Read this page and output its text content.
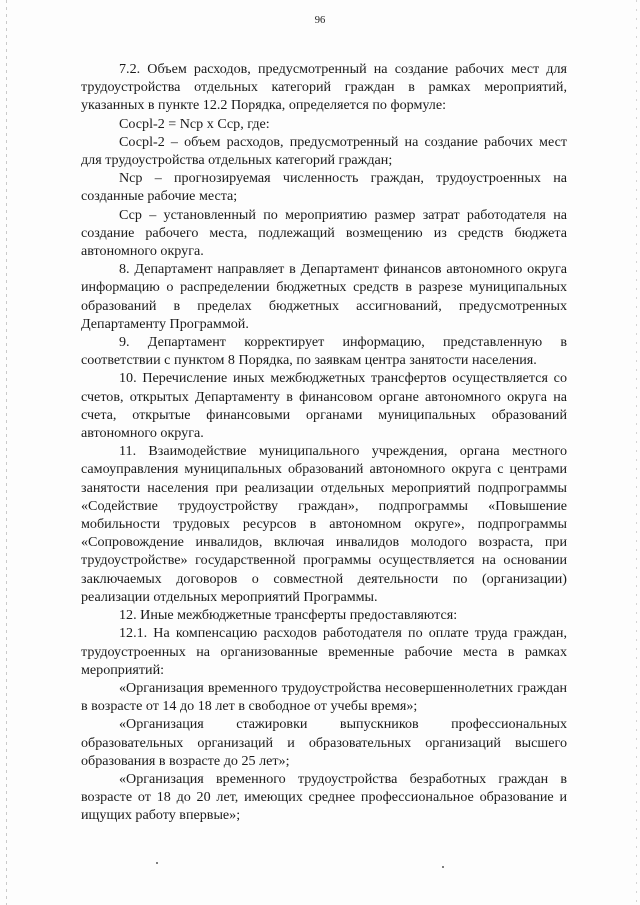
96

7.2. Объем расходов, предусмотренный на создание рабочих мест для трудоустройства отдельных категорий граждан в рамках мероприятий, указанных в пункте 12.2 Порядка, определяется по формуле:

Сосрl-2 = Nср х Сср, где:

Сосрl-2 – объем расходов, предусмотренный на создание рабочих мест для трудоустройства отдельных категорий граждан;

Nср – прогнозируемая численность граждан, трудоустроенных на созданные рабочие места;

Сср – установленный по мероприятию размер затрат работодателя на создание рабочего места, подлежащий возмещению из средств бюджета автономного округа.

8. Департамент направляет в Департамент финансов автономного округа информацию о распределении бюджетных средств в разрезе муниципальных образований в пределах бюджетных ассигнований, предусмотренных Департаменту Программой.

9. Департамент корректирует информацию, представленную в соответствии с пунктом 8 Порядка, по заявкам центра занятости населения.

10. Перечисление иных межбюджетных трансфертов осуществляется со счетов, открытых Департаменту в финансовом органе автономного округа на счета, открытые финансовыми органами муниципальных образований автономного округа.

11. Взаимодействие муниципального учреждения, органа местного самоуправления муниципальных образований автономного округа с центрами занятости населения при реализации отдельных мероприятий подпрограммы «Содействие трудоустройству граждан», подпрограммы «Повышение мобильности трудовых ресурсов в автономном округе», подпрограммы «Сопровождение инвалидов, включая инвалидов молодого возраста, при трудоустройстве» государственной программы осуществляется на основании заключаемых договоров о совместной деятельности по (организации) реализации отдельных мероприятий Программы.

12. Иные межбюджетные трансферты предоставляются:

12.1. На компенсацию расходов работодателя по оплате труда граждан, трудоустроенных на организованные временные рабочие места в рамках мероприятий:

«Организация временного трудоустройства несовершеннолетних граждан в возрасте от 14 до 18 лет в свободное от учебы время»;

«Организация стажировки выпускников профессиональных образовательных организаций и образовательных организаций высшего образования в возрасте до 25 лет»;

«Организация временного трудоустройства безработных граждан в возрасте от 18 до 20 лет, имеющих среднее профессиональное образование и ищущих работу впервые»;
